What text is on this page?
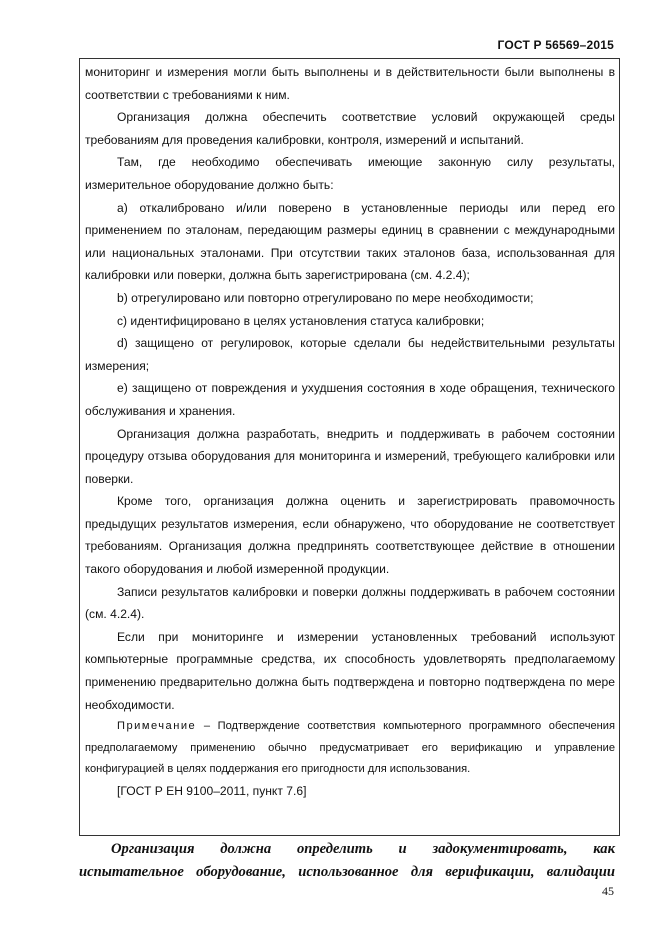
ГОСТ Р 56569–2015

мониторинг и измерения могли быть выполнены и в действительности были выполнены в соответствии с требованиями к ним.

Организация должна обеспечить соответствие условий окружающей среды требованиям для проведения калибровки, контроля, измерений и испытаний.

Там, где необходимо обеспечивать имеющие законную силу результаты, измерительное оборудование должно быть:

а) откалибровано и/или поверено в установленные периоды или перед его применением по эталонам, передающим размеры единиц в сравнении с международными или национальных эталонами. При отсутствии таких эталонов база, использованная для калибровки или поверки, должна быть зарегистрирована (см. 4.2.4);

b) отрегулировано или повторно отрегулировано по мере необходимости;

c) идентифицировано в целях установления статуса калибровки;

d) защищено от регулировок, которые сделали бы недействительными результаты измерения;

e) защищено от повреждения и ухудшения состояния в ходе обращения, технического обслуживания и хранения.

Организация должна разработать, внедрить и поддерживать в рабочем состоянии процедуру отзыва оборудования для мониторинга и измерений, требующего калибровки или поверки.

Кроме того, организация должна оценить и зарегистрировать правомочность предыдущих результатов измерения, если обнаружено, что оборудование не соответствует требованиям. Организация должна предпринять соответствующее действие в отношении такого оборудования и любой измеренной продукции.

Записи результатов калибровки и поверки должны поддерживать в рабочем состоянии (см. 4.2.4).

Если при мониторинге и измерении установленных требований используют компьютерные программные средства, их способность удовлетворять предполагаемому применению предварительно должна быть подтверждена и повторно подтверждена по мере необходимости.

Примечание – Подтверждение соответствия компьютерного программного обеспечения предполагаемому применению обычно предусматривает его верификацию и управление конфигурацией в целях поддержания его пригодности для использования.

[ГОСТ Р ЕН 9100–2011, пункт 7.6]

Организация должна определить и задокументировать, как
испытательное оборудование, использованное для верификации, валидации
45
